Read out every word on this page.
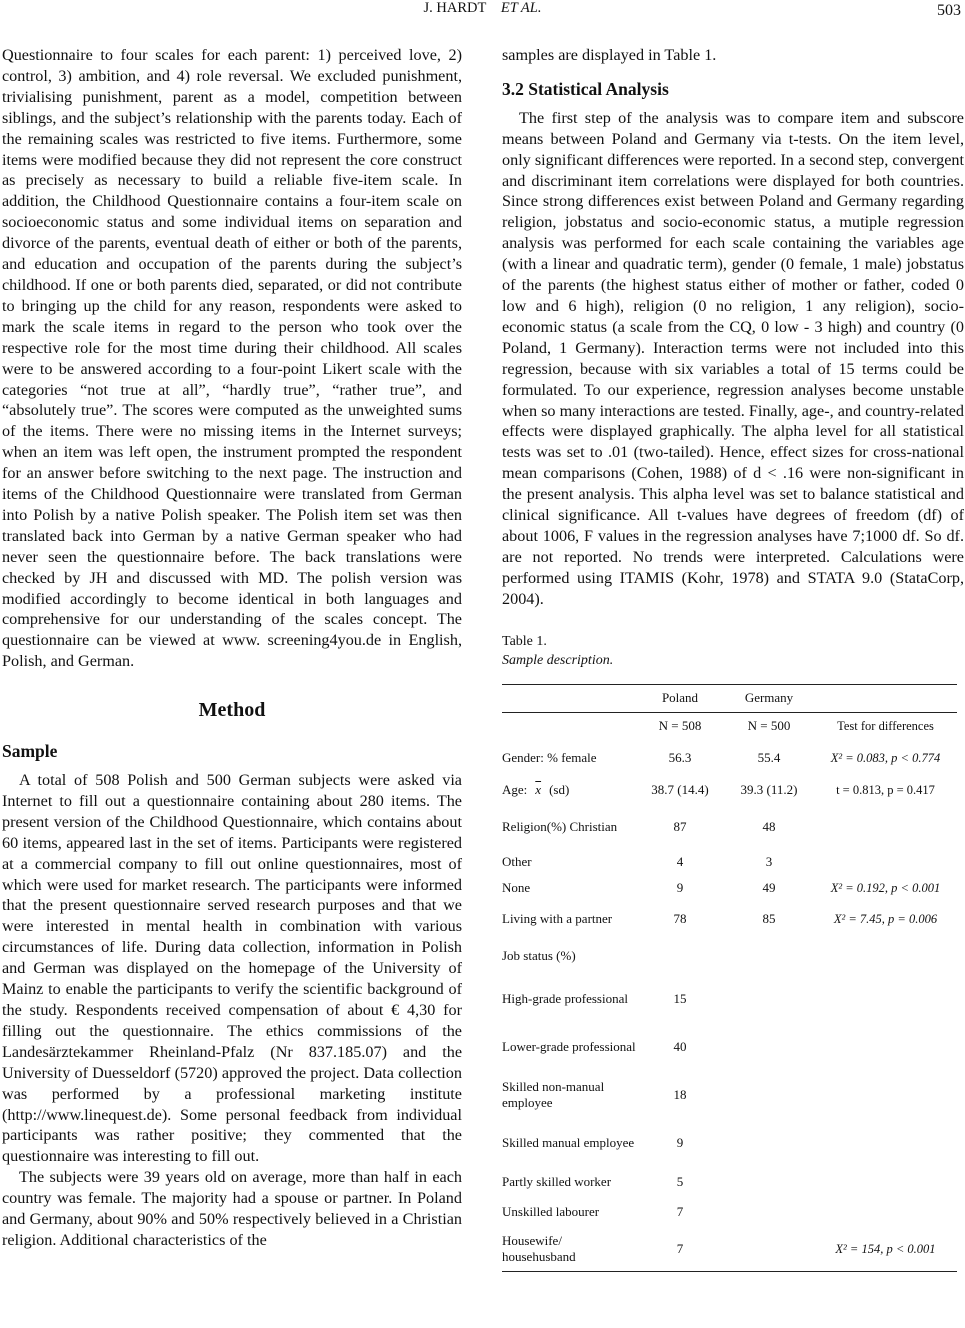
J. HARDT ET AL.	503

Questionnaire to four scales for each parent: 1) perceived love, 2) control, 3) ambition, and 4) role reversal. We excluded punishment, trivialising punishment, parent as a model, competition between siblings, and the subject’s relationship with the parents today. Each of the remaining scales was restricted to five items. Furthermore, some items were modified because they did not represent the core construct as precisely as necessary to build a reliable five-item scale. In addition, the Childhood Questionnaire contains a four-item scale on socioeconomic status and some individual items on separation and divorce of the parents, eventual death of either or both of the parents, and education and occupation of the parents during the subject’s childhood. If one or both parents died, separated, or did not contribute to bringing up the child for any reason, respondents were asked to mark the scale items in regard to the person who took over the respective role for the most time during their childhood. All scales were to be answered according to a four-point Likert scale with the categories “not true at all”, “hardly true”, “rather true”, and “absolutely true”. The scores were computed as the unweighted sums of the items. There were no missing items in the Internet surveys; when an item was left open, the instrument prompted the respondent for an answer before switching to the next page. The instruction and items of the Childhood Questionnaire were translated from German into Polish by a native Polish speaker. The Polish item set was then translated back into German by a native German speaker who had never seen the questionnaire before. The back translations were checked by JH and discussed with MD. The polish version was modified accordingly to become identical in both languages and comprehensive for our understanding of the scales concept. The questionnaire can be viewed at www. screening4you.de in English, Polish, and German.

Method
Sample

A total of 508 Polish and 500 German subjects were asked via Internet to fill out a questionnaire containing about 280 items. The present version of the Childhood Questionnaire, which contains about 60 items, appeared last in the set of items. Participants were registered at a commercial company to fill out online questionnaires, most of which were used for market research. The participants were informed that the present questionnaire served research purposes and that we were interested in mental health in combination with various circumstances of life. During data collection, information in Polish and German was displayed on the homepage of the University of Mainz to enable the participants to verify the scientific background of the study. Respondents received compensation of about € 4,30 for filling out the questionnaire. The ethics commissions of the Landesärztekammer Rheinland-Pfalz (Nr 837.185.07) and the University of Duesseldorf (5720) approved the project. Data collection was performed by a professional marketing institute (http://www.linequest.de). Some personal feedback from individual participants was rather positive; they commented that the questionnaire was interesting to fill out.

The subjects were 39 years old on average, more than half in each country was female. The majority had a spouse or partner. In Poland and Germany, about 90% and 50% respectively believed in a Christian religion. Additional characteristics of the

samples are displayed in Table 1.

3.2 Statistical Analysis

The first step of the analysis was to compare item and subscore means between Poland and Germany via t-tests. On the item level, only significant differences were reported. In a second step, convergent and discriminant item correlations were displayed for both countries. Since strong differences exist between Poland and Germany regarding religion, jobstatus and socio-economic status, a mutiple regression analysis was performed for each scale containing the variables age (with a linear and quadratic term), gender (0 female, 1 male) jobstatus of the parents (the highest status either of mother or father, coded 0 low and 6 high), religion (0 no religion, 1 any religion), socio-economic status (a scale from the CQ, 0 low - 3 high) and country (0 Poland, 1 Germany). Interaction terms were not included into this regression, because with six variables a total of 15 terms could be formulated. To our experience, regression analyses become unstable when so many interactions are tested. Finally, age-, and country-related effects were displayed graphically. The alpha level for all statistical tests was set to .01 (two-tailed). Hence, effect sizes for cross-national mean comparisons (Cohen, 1988) of d < .16 were non-significant in the present analysis. This alpha level was set to balance statistical and clinical significance. All t-values have degrees of freedom (df) of about 1006, F values in the regression analyses have 7;1000 df. So df. are not reported. No trends were interpreted. Calculations were performed using ITAMIS (Kohr, 1978) and STATA 9.0 (StataCorp, 2004).

Table 1.
Sample description.
	Poland	Germany	
	N = 508	N = 500	Test for differences
Gender: % female	56.3	55.4	X² = 0.083, p < 0.774
Age: $\overline{x}$ (sd)	38.7 (14.4)	39.3 (11.2)	t = 0.813, p = 0.417
Religion(%) Christian	87	48	
Other	4	3	
None	9	49	X² = 0.192, p < 0.001
Living with a partner	78	85	X² = 7.45, p = 0.006
Job status (%)			
High-grade professional	15		
Lower-grade professional	40		
Skilled non-manual employee	18		
Skilled manual employee	9		
Partly skilled worker	5		
Unskilled labourer	7		
Housewife/ househusband	7		X² = 154, p < 0.001
